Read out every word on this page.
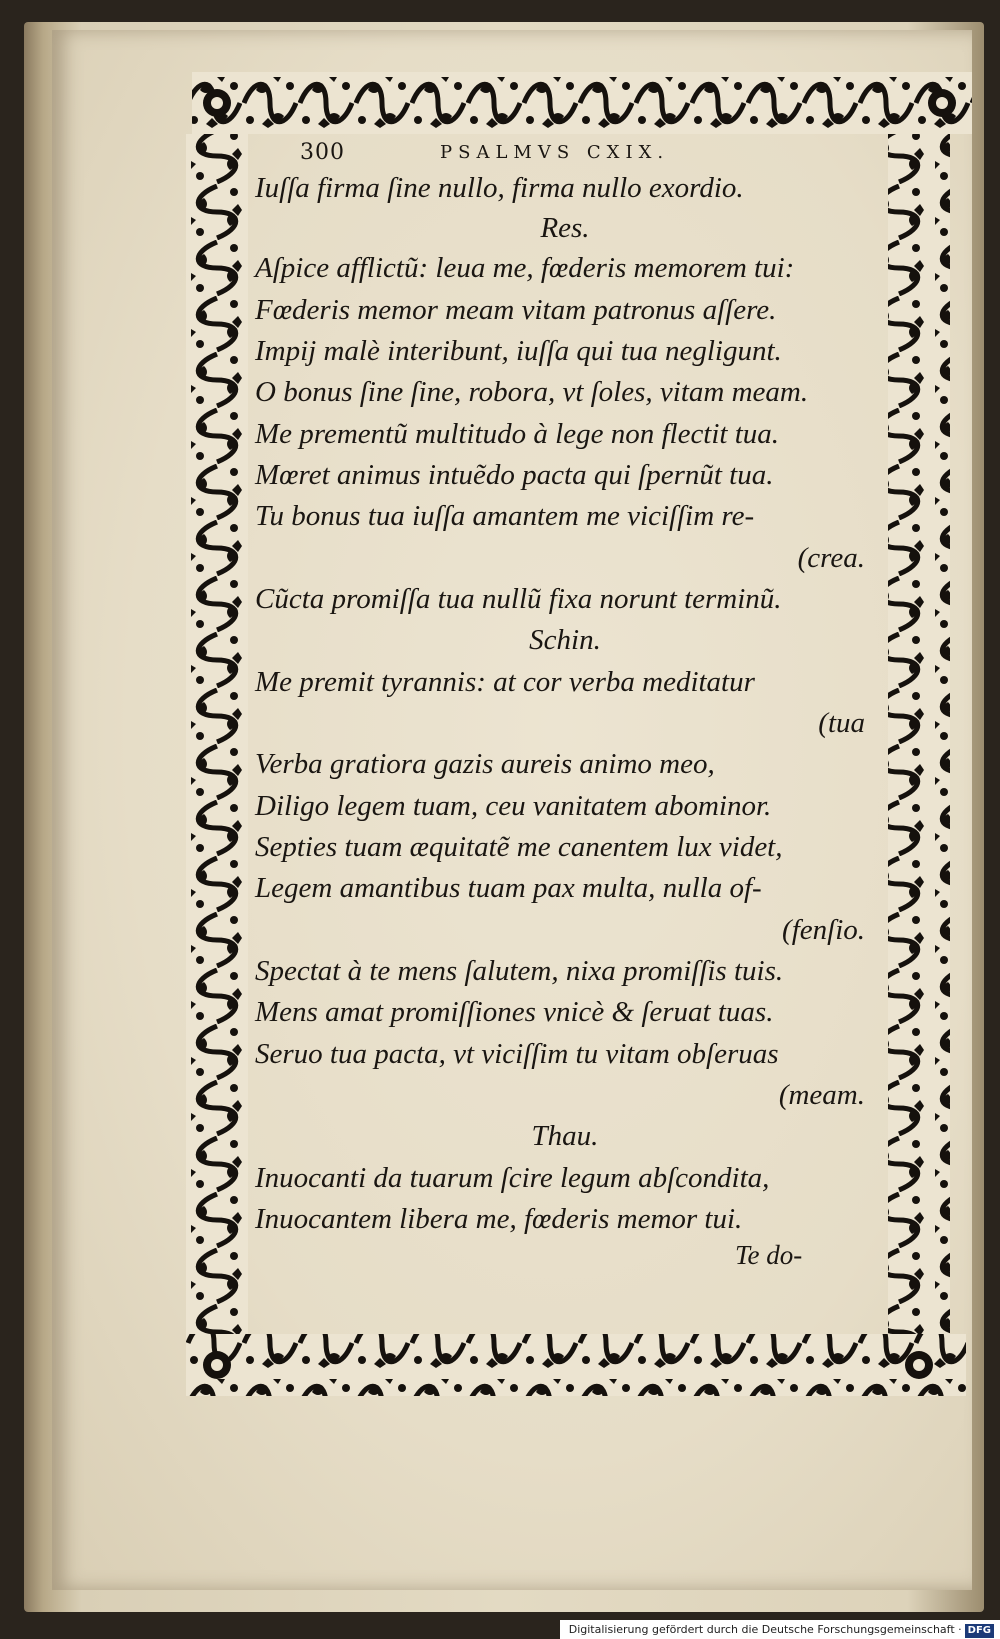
300	PSALMVS CXIX.
Iuſſa firma ſine nullo, firma nullo exordio.
Res.
Aſpice afflictũ: leua me, fœderis memorem tui:
Fœderis memor meam vitam patronus aſſere.
Impij malè interibunt, iuſſa qui tua negligunt.
O bonus ſine ſine, robora, vt ſoles, vitam meam.
Me prementũ multitudo à lege non flectit tua.
Mœret animus intuẽdo pacta qui ſpernũt tua.
Tu bonus tua iuſſa amantem me viciſſim re-
(crea.
Cũcta promiſſa tua nullũ fixa norunt terminũ.
Schin.
Me premit tyrannis: at cor verba meditatur
(tua
Verba gratiora gazis aureis animo meo,
Diligo legem tuam, ceu vanitatem abominor.
Septies tuam æquitatẽ me canentem lux videt,
Legem amantibus tuam pax multa, nulla of-
(fenſio.
Spectat à te mens ſalutem, nixa promiſſis tuis.
Mens amat promiſſiones vnicè & ſeruat tuas.
Seruo tua pacta, vt viciſſim tu vitam obſeruas
(meam.
Thau.
Inuocanti da tuarum ſcire legum abſcondita,
Inuocantem libera me, fœderis memor tui.
Te do-
Digitalisierung gefördert durch die Deutsche Forschungsgemeinschaft · DFG
